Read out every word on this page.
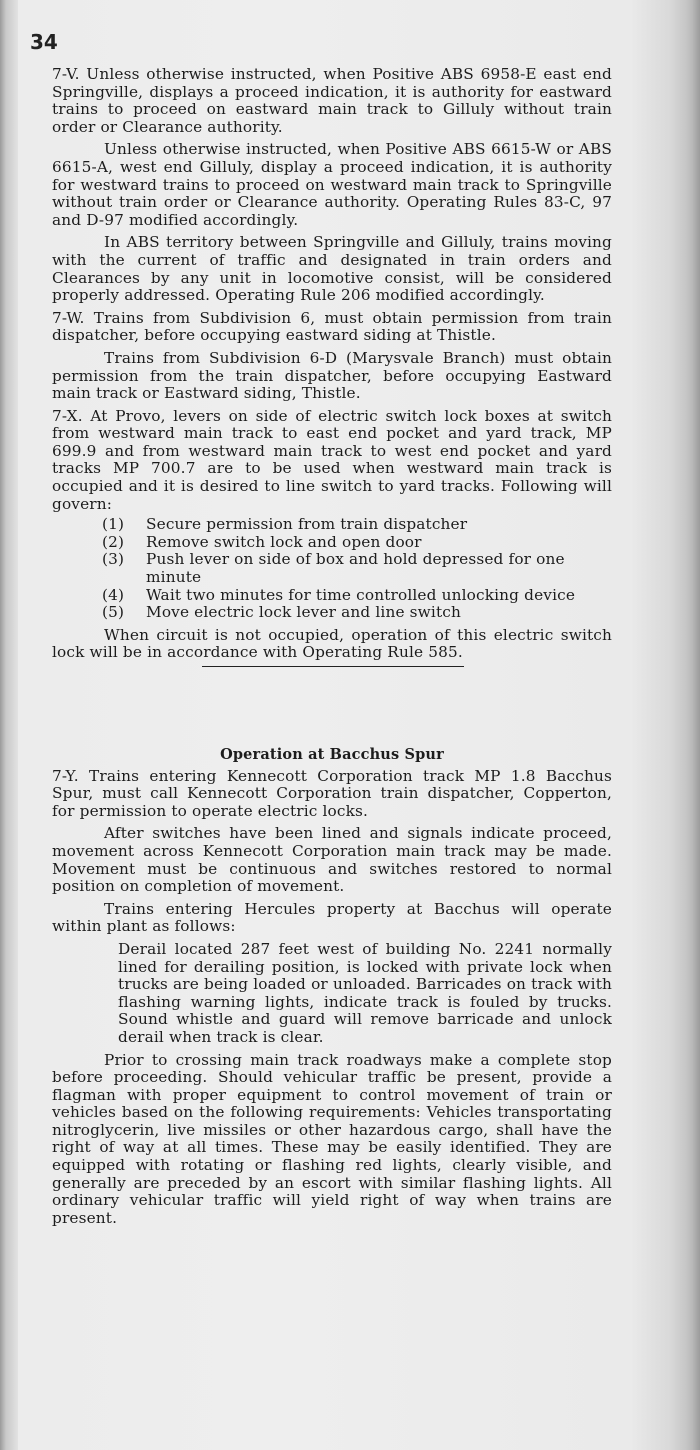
34

7-V. Unless otherwise instructed, when Positive ABS 6958-E east end Springville, displays a proceed indication, it is authority for eastward trains to proceed on eastward main track to Gilluly without train order or Clearance authority.

Unless otherwise instructed, when Positive ABS 6615-W or ABS 6615-A, west end Gilluly, display a proceed indication, it is authority for westward trains to proceed on westward main track to Springville without train order or Clearance authority. Operating Rules 83-C, 97 and D-97 modified accordingly.

In ABS territory between Springville and Gilluly, trains moving with the current of traffic and designated in train orders and Clearances by any unit in locomotive consist, will be considered properly addressed. Operating Rule 206 modified accordingly.

7-W. Trains from Subdivision 6, must obtain permission from train dispatcher, before occupying eastward siding at Thistle.

Trains from Subdivision 6-D (Marysvale Branch) must obtain permission from the train dispatcher, before occupying Eastward main track or Eastward siding, Thistle.

7-X. At Provo, levers on side of electric switch lock boxes at switch from westward main track to east end pocket and yard track, MP 699.9 and from westward main track to west end pocket and yard tracks MP 700.7 are to be used when westward main track is occupied and it is desired to line switch to yard tracks. Following will govern:

(1)	Secure permission from train dispatcher
(2)	Remove switch lock and open door
(3)	Push lever on side of box and hold depressed for one minute
(4)	Wait two minutes for time controlled unlocking device
(5)	Move electric lock lever and line switch

When circuit is not occupied, operation of this electric switch lock will be in accordance with Operating Rule 585.

Operation at Bacchus Spur

7-Y. Trains entering Kennecott Corporation track MP 1.8 Bacchus Spur, must call Kennecott Corporation train dispatcher, Copperton, for permission to operate electric locks.

After switches have been lined and signals indicate proceed, movement across Kennecott Corporation main track may be made. Movement must be continuous and switches restored to normal position on completion of movement.

Trains entering Hercules property at Bacchus will operate within plant as follows:

Derail located 287 feet west of building No. 2241 normally lined for derailing position, is locked with private lock when trucks are being loaded or unloaded. Barricades on track with flashing warning lights, indicate track is fouled by trucks. Sound whistle and guard will remove barricade and unlock derail when track is clear.

Prior to crossing main track roadways make a complete stop before proceeding. Should vehicular traffic be present, provide a flagman with proper equipment to control movement of train or vehicles based on the following requirements: Vehicles transportating nitroglycerin, live missiles or other hazardous cargo, shall have the right of way at all times. These may be easily identified. They are equipped with rotating or flashing red lights, clearly visible, and generally are preceded by an escort with similar flashing lights. All ordinary vehicular traffic will yield right of way when trains are present.
